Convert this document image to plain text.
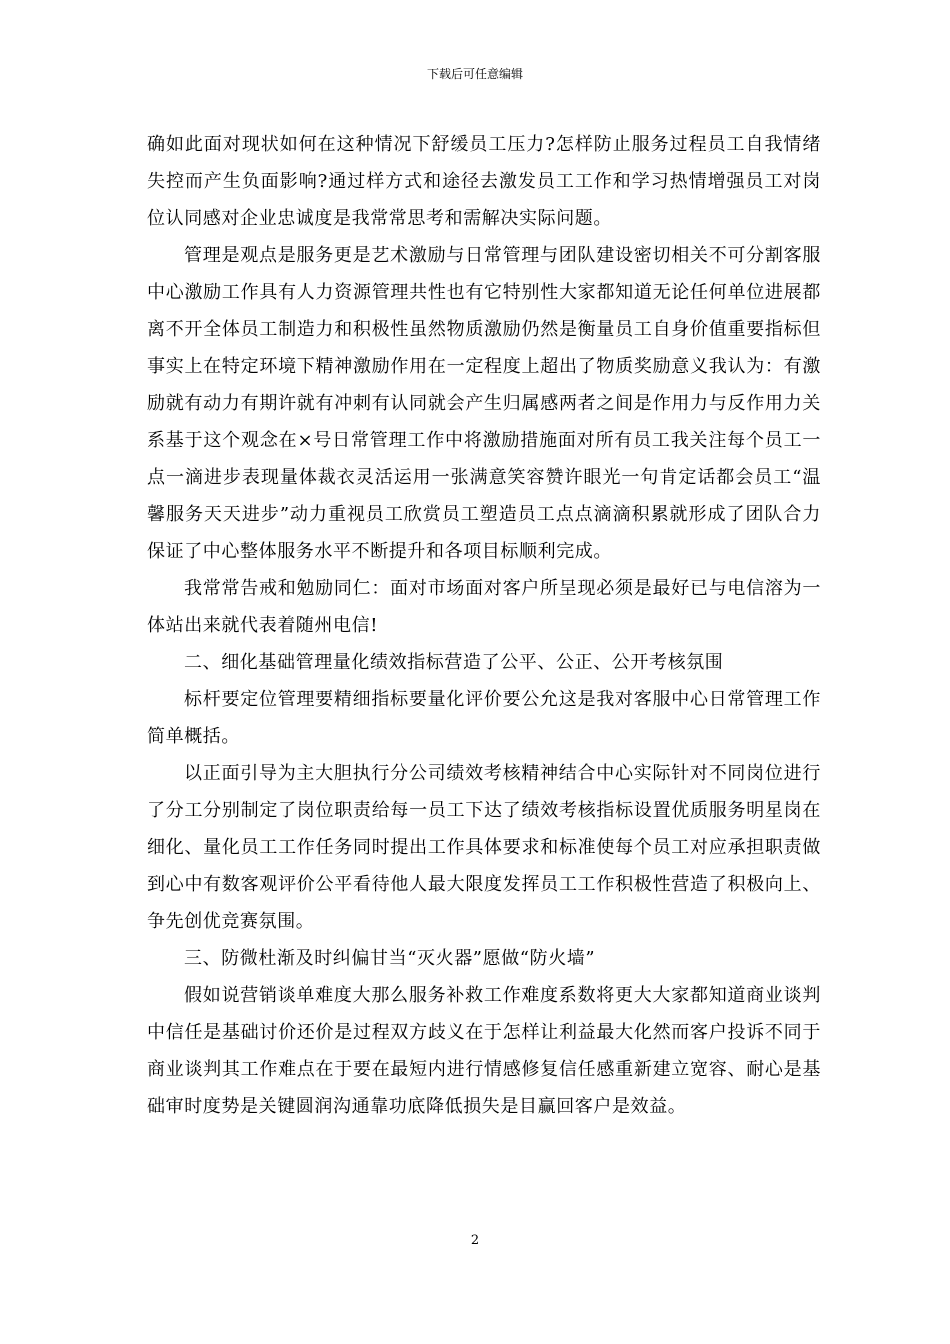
下载后可任意编辑

确如此面对现状如何在这种情况下舒缓员工压力?怎样防止服务过程员工自我情绪失控而产生负面影响?通过样方式和途径去激发员工工作和学习热情增强员工对岗位认同感对企业忠诚度是我常常思考和需解决实际问题。

管理是观点是服务更是艺术激励与日常管理与团队建设密切相关不可分割客服中心激励工作具有人力资源管理共性也有它特别性大家都知道无论任何单位进展都离不开全体员工制造力和积极性虽然物质激励仍然是衡量员工自身价值重要指标但事实上在特定环境下精神激励作用在一定程度上超出了物质奖励意义我认为：有激励就有动力有期许就有冲刺有认同就会产生归属感两者之间是作用力与反作用力关系基于这个观念在×号日常管理工作中将激励措施面对所有员工我关注每个员工一点一滴进步表现量体裁衣灵活运用一张满意笑容赞许眼光一句肯定话都会员工“温馨服务天天进步”动力重视员工欣赏员工塑造员工点点滴滴积累就形成了团队合力保证了中心整体服务水平不断提升和各项目标顺利完成。

我常常告戒和勉励同仁：面对市场面对客户所呈现必须是最好已与电信溶为一体站出来就代表着随州电信!

二、细化基础管理量化绩效指标营造了公平、公正、公开考核氛围

标杆要定位管理要精细指标要量化评价要公允这是我对客服中心日常管理工作简单概括。

以正面引导为主大胆执行分公司绩效考核精神结合中心实际针对不同岗位进行了分工分别制定了岗位职责给每一员工下达了绩效考核指标设置优质服务明星岗在细化、量化员工工作任务同时提出工作具体要求和标准使每个员工对应承担职责做到心中有数客观评价公平看待他人最大限度发挥员工工作积极性营造了积极向上、争先创优竞赛氛围。

三、防微杜渐及时纠偏甘当“灭火器”愿做“防火墙”

假如说营销谈单难度大那么服务补救工作难度系数将更大大家都知道商业谈判中信任是基础讨价还价是过程双方歧义在于怎样让利益最大化然而客户投诉不同于商业谈判其工作难点在于要在最短内进行情感修复信任感重新建立宽容、耐心是基础审时度势是关键圆润沟通靠功底降低损失是目赢回客户是效益。

2
